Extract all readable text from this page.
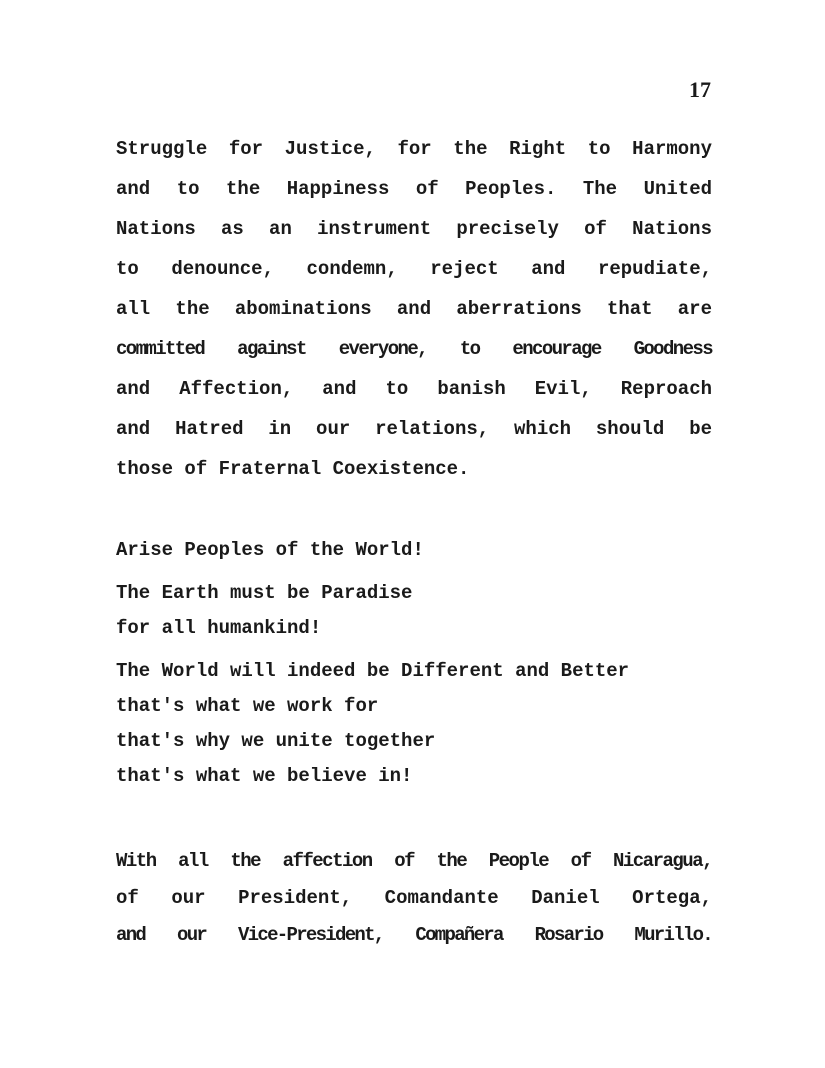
17

Struggle for Justice, for the Right to Harmony
and to the Happiness of Peoples. The United
Nations as an instrument precisely of Nations
to denounce, condemn, reject and repudiate,
all the abominations and aberrations that are
committed against everyone, to encourage Goodness
and Affection, and to banish Evil, Reproach
and Hatred in our relations, which should be
those of Fraternal Coexistence.
Arise Peoples of the World!
The Earth must be Paradise
for all humankind!
The World will indeed be Different and Better
that's what we work for
that's why we unite together
that's what we believe in!
With all the affection of the People of Nicaragua,
of our President, Comandante Daniel Ortega,
and our Vice-President, Compañera Rosario Murillo.
